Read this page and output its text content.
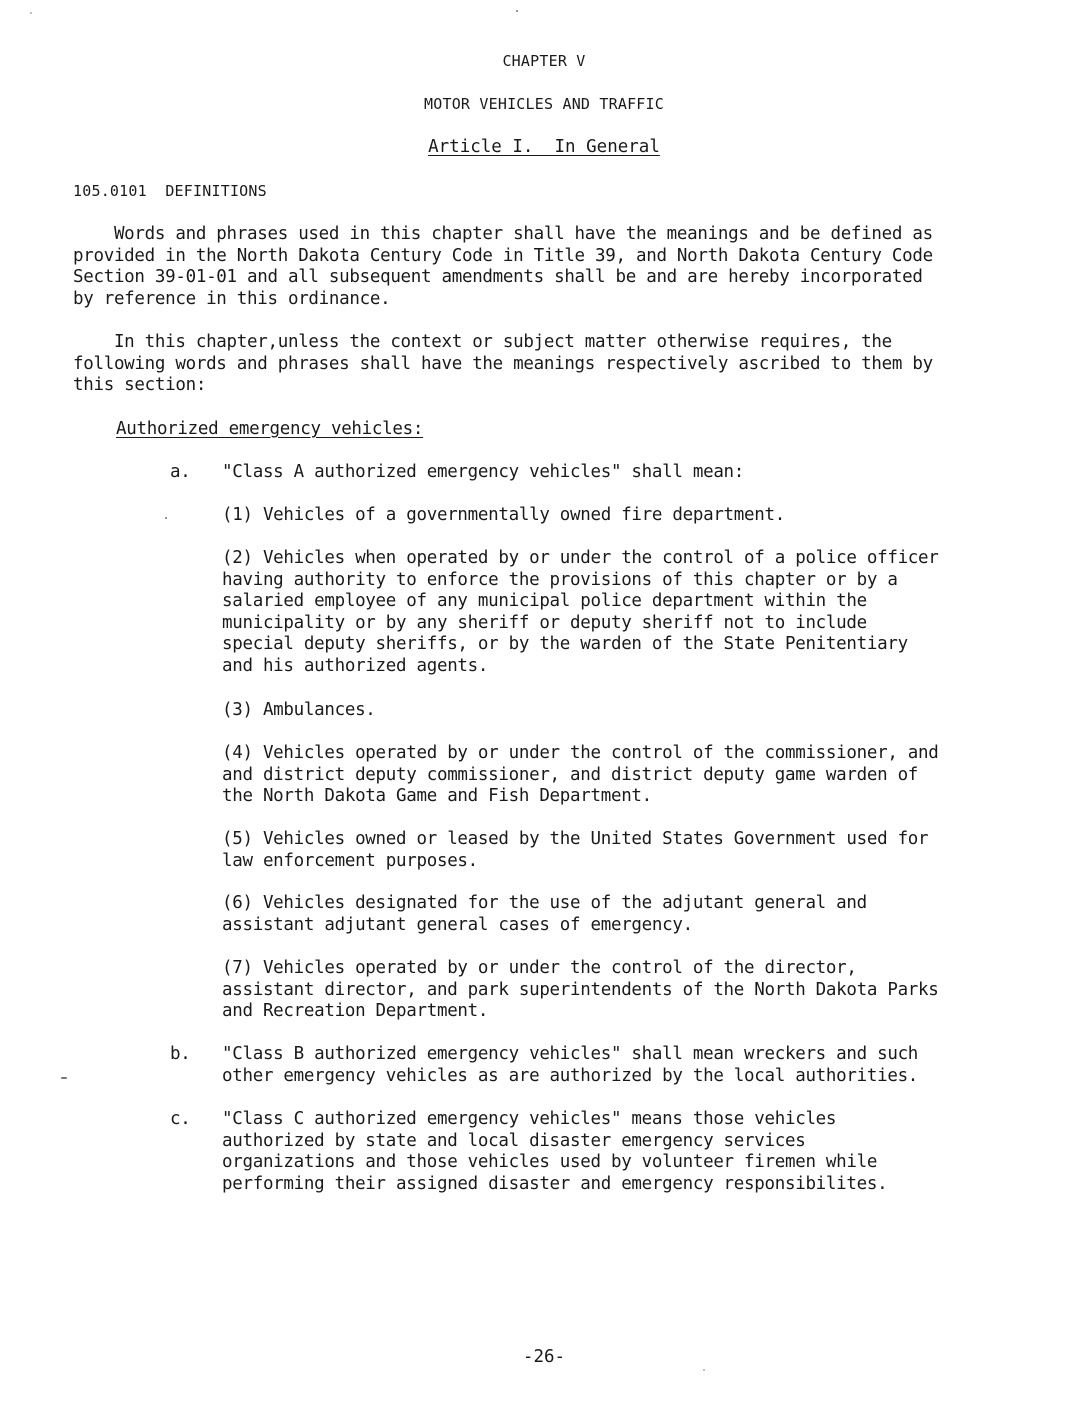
CHAPTER V
MOTOR VEHICLES AND TRAFFIC
Article I.  In General
105.0101 DEFINITIONS
Words and phrases used in this chapter shall have the meanings and be defined as
provided in the North Dakota Century Code in Title 39, and North Dakota Century Code
Section 39-01-01 and all subsequent amendments shall be and are hereby incorporated
by reference in this ordinance.
In this chapter,unless the context or subject matter otherwise requires, the
following words and phrases shall have the meanings respectively ascribed to them by
this section:
Authorized emergency vehicles:
a. "Class A authorized emergency vehicles" shall mean:
(1) Vehicles of a governmentally owned fire department.
(2) Vehicles when operated by or under the control of a police officer
having authority to enforce the provisions of this chapter or by a
salaried employee of any municipal police department within the
municipality or by any sheriff or deputy sheriff not to include
special deputy sheriffs, or by the warden of the State Penitentiary
and his authorized agents.
(3) Ambulances.
(4) Vehicles operated by or under the control of the commissioner, and
and district deputy commissioner, and district deputy game warden of
the North Dakota Game and Fish Department.
(5) Vehicles owned or leased by the United States Government used for
law enforcement purposes.
(6) Vehicles designated for the use of the adjutant general and
assistant adjutant general cases of emergency.
(7) Vehicles operated by or under the control of the director,
assistant director, and park superintendents of the North Dakota Parks
and Recreation Department.
b. "Class B authorized emergency vehicles" shall mean wreckers and such
other emergency vehicles as are authorized by the local authorities.
c. "Class C authorized emergency vehicles" means those vehicles
authorized by state and local disaster emergency services
organizations and those vehicles used by volunteer firemen while
performing their assigned disaster and emergency responsibilites.
-26-
